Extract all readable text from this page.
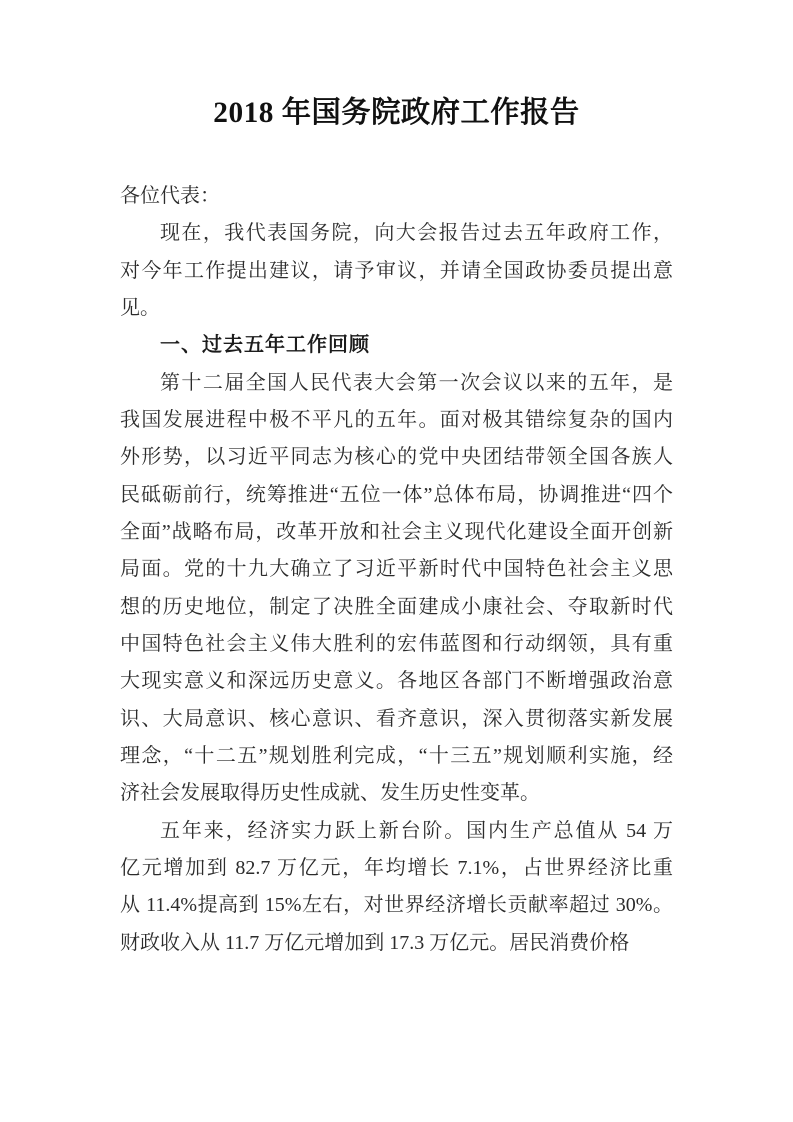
2018 年国务院政府工作报告
各位代表：
现在，我代表国务院，向大会报告过去五年政府工作，
对今年工作提出建议，请予审议，并请全国政协委员提出意
见。
一、过去五年工作回顾
第十二届全国人民代表大会第一次会议以来的五年，是
我国发展进程中极不平凡的五年。面对极其错综复杂的国内
外形势，以习近平同志为核心的党中央团结带领全国各族人
民砥砺前行，统筹推进“五位一体”总体布局，协调推进“四个
全面”战略布局，改革开放和社会主义现代化建设全面开创新
局面。党的十九大确立了习近平新时代中国特色社会主义思
想的历史地位，制定了决胜全面建成小康社会、夺取新时代
中国特色社会主义伟大胜利的宏伟蓝图和行动纲领，具有重
大现实意义和深远历史意义。各地区各部门不断增强政治意
识、大局意识、核心意识、看齐意识，深入贯彻落实新发展
理念，“十二五”规划胜利完成，“十三五”规划顺利实施，经
济社会发展取得历史性成就、发生历史性变革。
五年来，经济实力跃上新台阶。国内生产总值从 54 万
亿元增加到 82.7 万亿元，年均增长 7.1%，占世界经济比重
从 11.4%提高到 15%左右，对世界经济增长贡献率超过 30%。
财政收入从 11.7 万亿元增加到 17.3 万亿元。居民消费价格
